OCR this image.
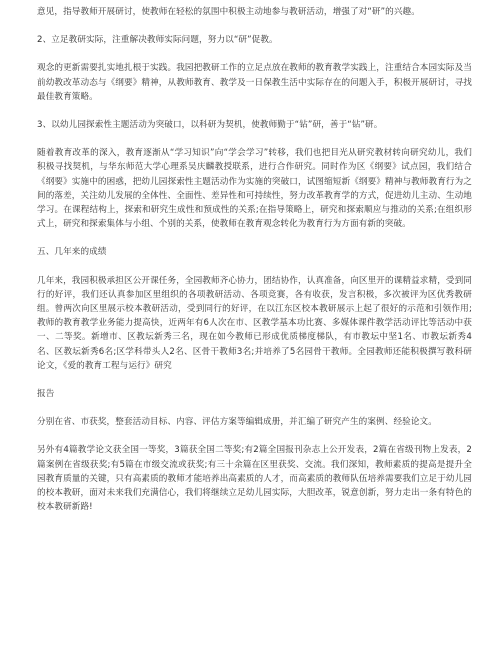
意见，指导教师开展研讨，使教师在轻松的氛围中积极主动地参与教研活动，增强了对“研”的兴趣。

2、立足教研实际，注重解决教师实际问题，努力以“研”促教。

观念的更新需要扎实地扎根于实践。我园把教研工作的立足点放在教师的教育教学实践上，注重结合本园实际及当前幼教改革动态与《纲要》精神，从教师教育、教学及一日保教生活中实际存在的问题入手，积极开展研讨，寻找最佳教育策略。

3、以幼儿园探索性主题活动为突破口，以科研为契机，使教师勤于“钻”研，善于“钻”研。

随着教育改革的深入，教育逐渐从“学习知识”向“学会学习”转移，我们也把目光从研究教材转向研究幼儿，我们积极寻找契机，与华东师范大学心理系吴庆麟教授联系，进行合作研究。同时作为区《纲要》试点园，我们结合《纲要》实施中的困惑，把幼儿园探索性主题活动作为实施的突破口，试图缩短新《纲要》精神与教师教育行为之间的落差，关注幼儿发展的全体性、全面性、差异性和可持续性，努力改革教育学的方式，促进幼儿主动、生动地学习。在课程结构上，探索和研究生成性和预成性的关系;在指导策略上，研究和探索顺应与推动的关系;在组织形式上，研究和探索集体与小组、个别的关系，使教师在教育观念转化为教育行为方面有新的突破。

五、几年来的成绩

几年来，我园积极承担区公开课任务，全园教师齐心协力，团结协作，认真准备，向区里开的课精益求精，受到同行的好评，我们还认真参加区里组织的各项教研活动、各项竞赛，各有收获，发言积极，多次被评为区优秀教研组。曾两次向区里展示校本教研活动，受到同行的好评，在以江东区校本教研展示上起了很好的示范和引领作用;教师的教育教学业务能力提高快，近两年有6人次在市、区教学基本功比赛、多媒体课件教学活动评比等活动中获一、二等奖。新增市、区教坛新秀三名，现在如今教师已形成优质梯度梯队，有市教坛中坚1名、市教坛新秀4名、区教坛新秀6名;区学科带头人2名、区骨干教师3名;并培养了5名园骨干教师。全园教师还能积极撰写教科研论文，《爱的教育工程与运行》研究

报告

分别在省、市获奖，整套活动目标、内容、评估方案等编辑成册，并汇编了研究产生的案例、经验论文。

另外有4篇教学论文获全国一等奖，3篇获全国二等奖;有2篇全国报刊杂志上公开发表，2篇在省级刊物上发表，2篇案例在省级获奖;有5篇在市级交流或获奖;有三十余篇在区里获奖、交流。我们深知，教师素质的提高是提升全园教育质量的关键，只有高素质的教师才能培养出高素质的人才，而高素质的教师队伍培养需要我们立足于幼儿园的校本教研，面对未来我们充满信心，我们将继续立足幼儿园实际，大胆改革，锐意创新，努力走出一条有特色的校本教研新路!
